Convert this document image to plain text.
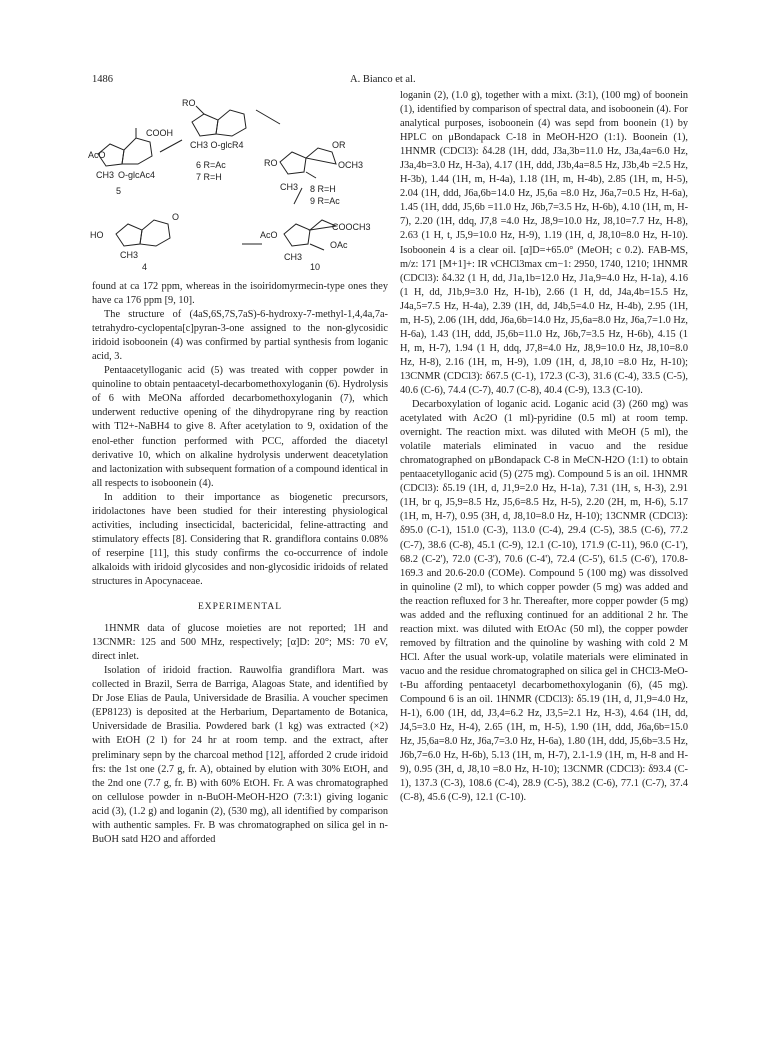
1486	A. Bianco et al.
RO
COOH
AcO
CH3 O-glcAc4
CH3 O-glcR4
6 R=Ac
7 R=H
5
RO
OR
OCH3
CH3 8 R=H
9 R=Ac
HO
O
CH3
4
AcO
COOCH3
OAc
CH3
10

found at ca 172 ppm, whereas in the isoiridomyrmecin-type ones they have ca 176 ppm [9, 10].

The structure of (4aS,6S,7S,7aS)-6-hydroxy-7-methyl-1,4,4a,7a-tetrahydro-cyclopenta[c]pyran-3-one assigned to the non-glycosidic iridoid isoboonein (4) was confirmed by partial synthesis from loganic acid, 3.

Pentaacetylloganic acid (5) was treated with copper powder in quinoline to obtain pentaacetyl-decarbomethoxyloganin (6). Hydrolysis of 6 with MeONa afforded decarbomethoxyloganin (7), which underwent reductive opening of the dihydropyrane ring by reaction with Tl2+-NaBH4 to give 8. After acetylation to 9, oxidation of the enol-ether function performed with PCC, afforded the diacetyl derivative 10, which on alkaline hydrolysis underwent deacetylation and lactonization with subsequent formation of a compound identical in all respects to isoboonein (4).

In addition to their importance as biogenetic precursors, iridolactones have been studied for their interesting physiological activities, including insecticidal, bactericidal, feline-attracting and stimulatory effects [8]. Considering that R. grandiflora contains 0.08% of reserpine [11], this study confirms the co-occurrence of indole alkaloids with iridoid glycosides and non-glycosidic iridoids of related structures in Apocynaceae.

EXPERIMENTAL

1HNMR data of glucose moieties are not reported; 1H and 13CNMR: 125 and 500 MHz, respectively; [α]D: 20°; MS: 70 eV, direct inlet.

Isolation of iridoid fraction. Rauwolfia grandiflora Mart. was collected in Brazil, Serra de Barriga, Alagoas State, and identified by Dr Jose Elias de Paula, Universidade de Brasilia. A voucher specimen (EP8123) is deposited at the Herbarium, Departamento de Botanica, Universidade de Brasilia. Powdered bark (1 kg) was extracted (×2) with EtOH (2 l) for 24 hr at room temp. and the extract, after preliminary sepn by the charcoal method [12], afforded 2 crude iridoid frs: the 1st one (2.7 g, fr. A), obtained by elution with 30% EtOH, and the 2nd one (7.7 g, fr. B) with 60% EtOH. Fr. A was chromatographed on cellulose powder in n-BuOH-MeOH-H2O (7:3:1) giving loganic acid (3), (1.2 g) and loganin (2), (530 mg), all identified by comparison with authentic samples. Fr. B was chromatographed on silica gel in n-BuOH satd H2O and afforded

loganin (2), (1.0 g), together with a mixt. (3:1), (100 mg) of boonein (1), identified by comparison of spectral data, and isoboonein (4). For analytical purposes, isoboonein (4) was sepd from boonein (1) by HPLC on μBondapack C-18 in MeOH-H2O (1:1). Boonein (1), 1HNMR (CDCl3): δ4.28 (1H, ddd, J3a,3b=11.0 Hz, J3a,4a=6.0 Hz, J3a,4b=3.0 Hz, H-3a), 4.17 (1H, ddd, J3b,4a=8.5 Hz, J3b,4b =2.5 Hz, H-3b), 1.44 (1H, m, H-4a), 1.18 (1H, m, H-4b), 2.85 (1H, m, H-5), 2.04 (1H, ddd, J6a,6b=14.0 Hz, J5,6a =8.0 Hz, J6a,7=0.5 Hz, H-6a), 1.45 (1H, ddd, J5,6b =11.0 Hz, J6b,7=3.5 Hz, H-6b), 4.10 (1H, m, H-7), 2.20 (1H, ddq, J7,8 =4.0 Hz, J8,9=10.0 Hz, J8,10=7.7 Hz, H-8), 2.63 (1 H, t, J5,9=10.0 Hz, H-9), 1.19 (1H, d, J8,10=8.0 Hz, H-10). Isoboonein 4 is a clear oil. [α]D=+65.0° (MeOH; c 0.2). FAB-MS, m/z: 171 [M+1]+: IR νCHCl3max cm−1: 2950, 1740, 1210; 1HNMR (CDCl3): δ4.32 (1 H, dd, J1a,1b=12.0 Hz, J1a,9=4.0 Hz, H-1a), 4.16 (1 H, dd, J1b,9=3.0 Hz, H-1b), 2.66 (1 H, dd, J4a,4b=15.5 Hz, J4a,5=7.5 Hz, H-4a), 2.39 (1H, dd, J4b,5=4.0 Hz, H-4b), 2.95 (1H, m, H-5), 2.06 (1H, ddd, J6a,6b=14.0 Hz, J5,6a=8.0 Hz, J6a,7=1.0 Hz, H-6a), 1.43 (1H, ddd, J5,6b=11.0 Hz, J6b,7=3.5 Hz, H-6b), 4.15 (1 H, m, H-7), 1.94 (1 H, ddq, J7,8=4.0 Hz, J8,9=10.0 Hz, J8,10=8.0 Hz, H-8), 2.16 (1H, m, H-9), 1.09 (1H, d, J8,10 =8.0 Hz, H-10); 13CNMR (CDCl3): δ67.5 (C-1), 172.3 (C-3), 31.6 (C-4), 33.5 (C-5), 40.6 (C-6), 74.4 (C-7), 40.7 (C-8), 40.4 (C-9), 13.3 (C-10).

Decarboxylation of loganic acid. Loganic acid (3) (260 mg) was acetylated with Ac2O (1 ml)-pyridine (0.5 ml) at room temp. overnight. The reaction mixt. was diluted with MeOH (5 ml), the volatile materials eliminated in vacuo and the residue chromatographed on μBondapack C-8 in MeCN-H2O (1:1) to obtain pentaacetylloganic acid (5) (275 mg). Compound 5 is an oil. 1HNMR (CDCl3): δ5.19 (1H, d, J1,9=2.0 Hz, H-1a), 7.31 (1H, s, H-3), 2.91 (1H, br q, J5,9=8.5 Hz, J5,6=8.5 Hz, H-5), 2.20 (2H, m, H-6), 5.17 (1H, m, H-7), 0.95 (3H, d, J8,10=8.0 Hz, H-10); 13CNMR (CDCl3): δ95.0 (C-1), 151.0 (C-3), 113.0 (C-4), 29.4 (C-5), 38.5 (C-6), 77.2 (C-7), 38.6 (C-8), 45.1 (C-9), 12.1 (C-10), 171.9 (C-11), 96.0 (C-1'), 68.2 (C-2'), 72.0 (C-3'), 70.6 (C-4'), 72.4 (C-5'), 61.5 (C-6'), 170.8-169.3 and 20.6-20.0 (COMe). Compound 5 (100 mg) was dissolved in quinoline (2 ml), to which copper powder (5 mg) was added and the reaction refluxed for 3 hr. Thereafter, more copper powder (5 mg) was added and the refluxing continued for an additional 2 hr. The reaction mixt. was diluted with EtOAc (50 ml), the copper powder removed by filtration and the quinoline by washing with cold 2 M HCl. After the usual work-up, volatile materials were eliminated in vacuo and the residue chromatographed on silica gel in CHCl3-MeO-t-Bu affording pentaacetyl decarbomethoxyloganin (6), (45 mg). Compound 6 is an oil. 1HNMR (CDCl3): δ5.19 (1H, d, J1,9=4.0 Hz, H-1), 6.00 (1H, dd, J3,4=6.2 Hz, J3,5=2.1 Hz, H-3), 4.64 (1H, dd, J4,5=3.0 Hz, H-4), 2.65 (1H, m, H-5), 1.90 (1H, ddd, J6a,6b=15.0 Hz, J5,6a=8.0 Hz, J6a,7=3.0 Hz, H-6a), 1.80 (1H, ddd, J5,6b=3.5 Hz, J6b,7=6.0 Hz, H-6b), 5.13 (1H, m, H-7), 2.1-1.9 (1H, m, H-8 and H-9), 0.95 (3H, d, J8,10 =8.0 Hz, H-10); 13CNMR (CDCl3): δ93.4 (C-1), 137.3 (C-3), 108.6 (C-4), 28.9 (C-5), 38.2 (C-6), 77.1 (C-7), 37.4 (C-8), 45.6 (C-9), 12.1 (C-10).
